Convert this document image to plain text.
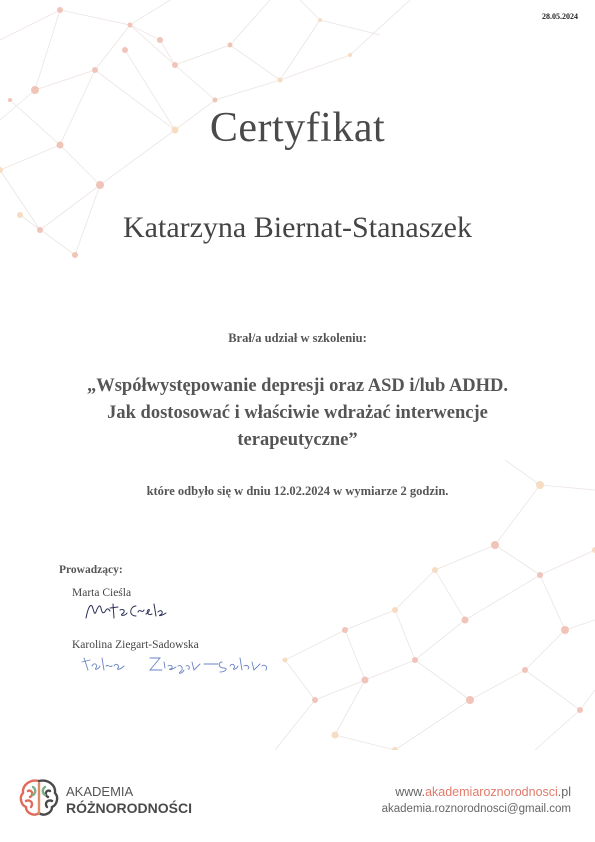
28.05.2024
Certyfikat
Katarzyna Biernat-Stanaszek
Brał/a udział w szkoleniu:
„Współwystępowanie depresji oraz ASD i/lub ADHD.
Jak dostosować i właściwie wdrażać interwencje
terapeutyczne”
które odbyło się w dniu 12.02.2024 w wymiarze 2 godzin.
Prowadzący:
Marta Cieśla
Karolina Ziegart-Sadowska
AKADEMIA
RÓŻNORODNOŚCI
www.akademiaroznorodnosci.pl
akademia.roznorodnosci@gmail.com
